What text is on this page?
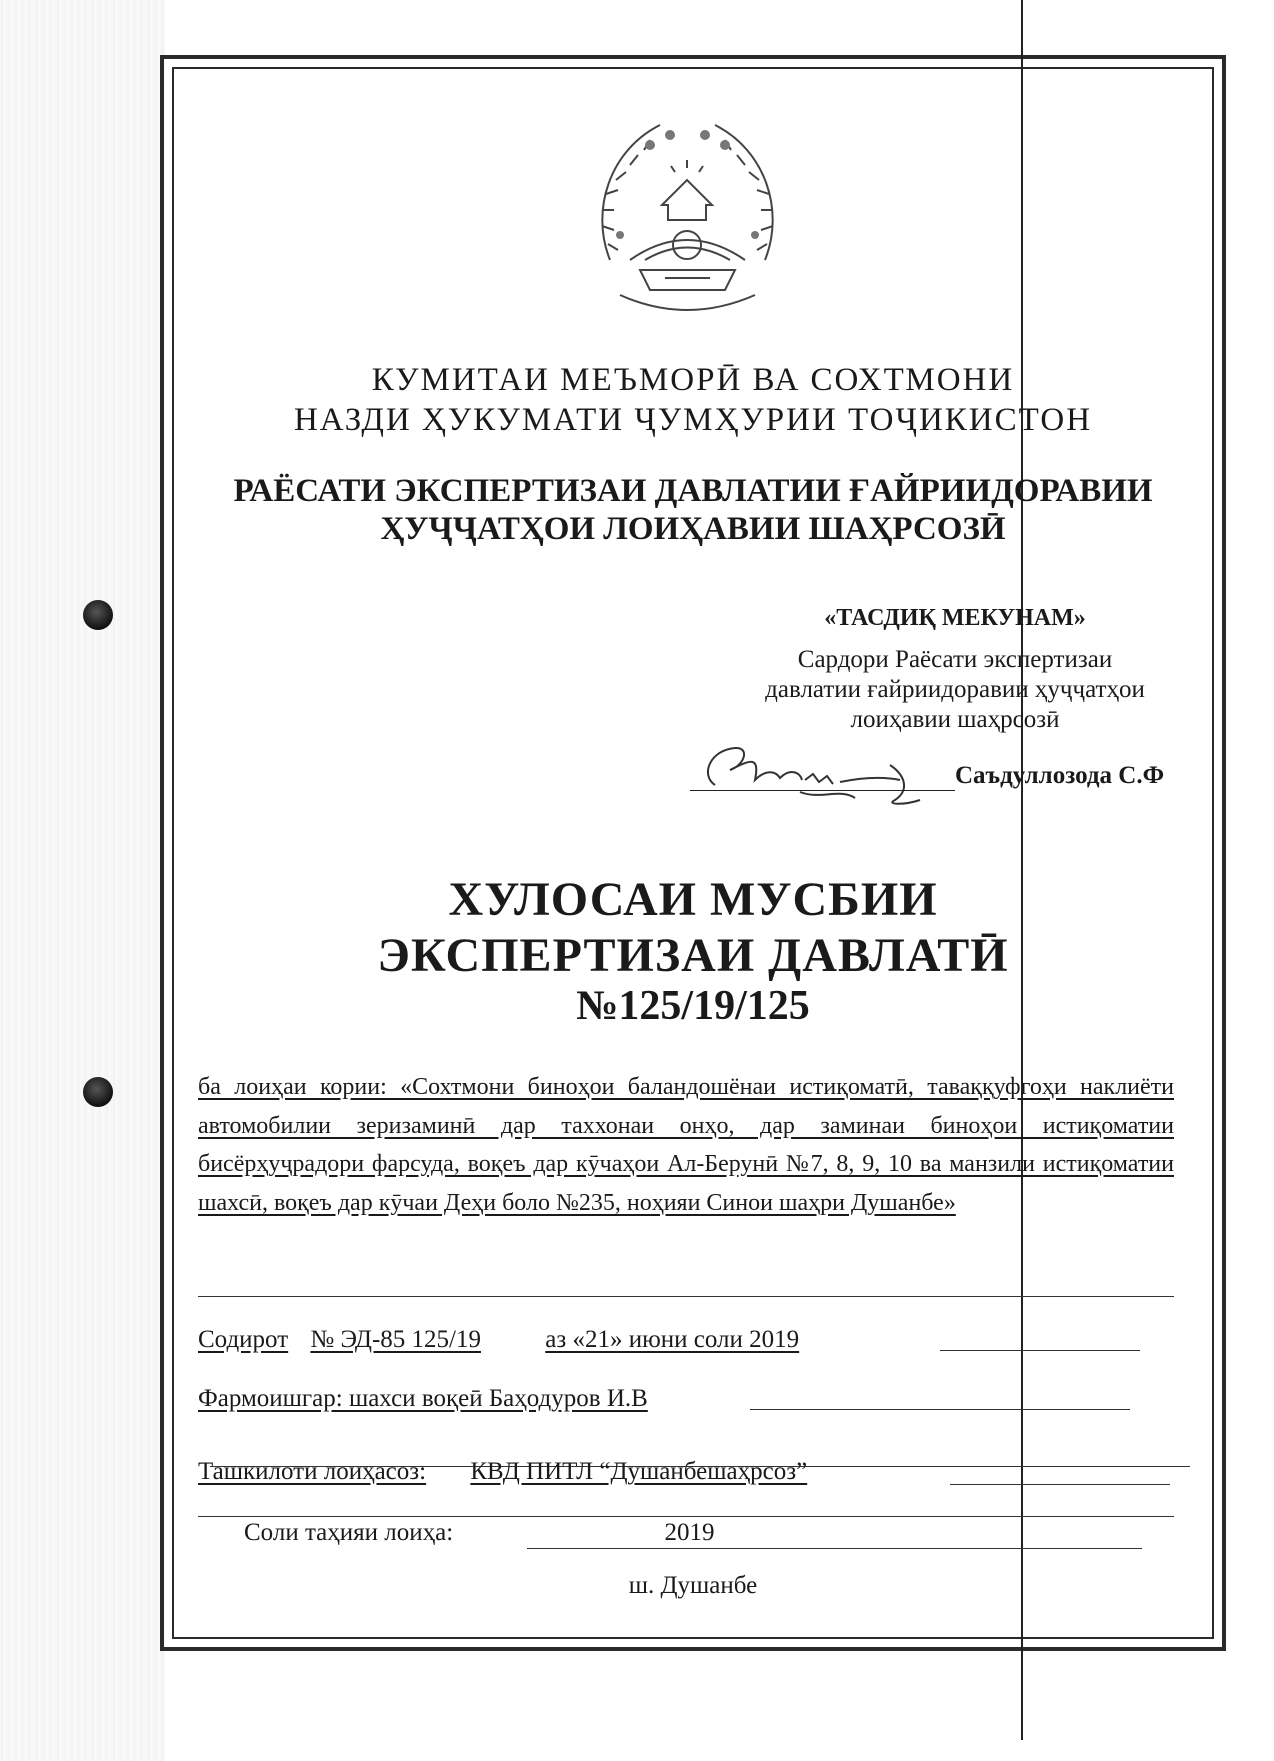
КУМИТАИ МЕЪМОРӢ ВА СОХТМОНИ
НАЗДИ ҲУКУМАТИ ҶУМҲУРИИ ТОҶИКИСТОН
РАЁСАТИ ЭКСПЕРТИЗАИ ДАВЛАТИИ ҒАЙРИИДОРАВИИ
ҲУҶҶАТҲОИ ЛОИҲАВИИ ШАҲРСОЗӢ
«ТАСДИҚ МЕКУНАМ»
Сардори Раёсати экспертизаи
давлатии ғайриидоравии ҳуҷҷатҳои
лоиҳавии шаҳрсозӣ
Саъдуллозода С.Ф
ХУЛОСАИ МУСБИИ
ЭКСПЕРТИЗАИ ДАВЛАТӢ
№125/19/125
ба лоиҳаи кории: «Сохтмони биноҳои баландошёнаи истиқоматӣ, таваққуфгоҳи наклиёти автомобилии зеризаминӣ дар таххонаи онҳо, дар заминаи биноҳои истиқоматии бисёрҳуҷрадори фарсуда, воқеъ дар кӯчаҳои Ал-Берунӣ №7, 8, 9, 10 ва манзили истиқоматии шахсӣ, воқеъ дар кӯчаи Деҳи боло №235, ноҳияи Синои шаҳри Душанбе»
Содирот № ЭД-85 125/19	аз «21» июни соли 2019
Фармоишгар: шахси воқеӣ Баҳодуров И.В
Ташкилоти лоиҳасоз: КВД ПИТЛ “Душанбешаҳрсоз”
Соли таҳияи лоиҳа:	2019
ш. Душанбе
